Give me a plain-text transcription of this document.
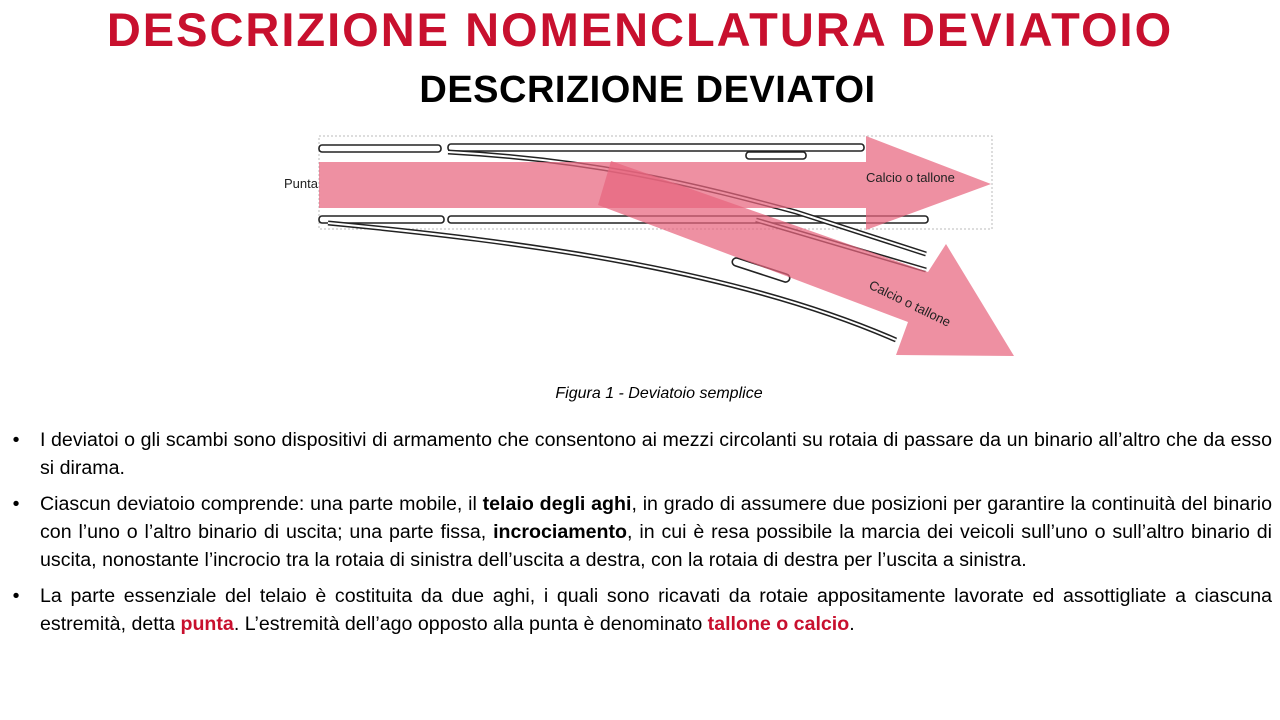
DESCRIZIONE NOMENCLATURA DEVIATOIO
DESCRIZIONE DEVIATOI
Punta	Calcio o tallone
Calcio o tallone
Figura 1 - Deviatoio semplice
• I deviatoi o gli scambi sono dispositivi di armamento che consentono ai mezzi circolanti su rotaia di passare da un binario all’altro che da esso si dirama.
• Ciascun deviatoio comprende: una parte mobile, il telaio degli aghi, in grado di assumere due posizioni per garantire la continuità del binario con l’uno o l’altro binario di uscita; una parte fissa, incrociamento, in cui è resa possibile la marcia dei veicoli sull’uno o sull’altro binario di uscita, nonostante l’incrocio tra la rotaia di sinistra dell’uscita a destra, con la rotaia di destra per l’uscita a sinistra.
• La parte essenziale del telaio è costituita da due aghi, i quali sono ricavati da rotaie appositamente lavorate ed assottigliate a ciascuna estremità, detta punta. L’estremità dell’ago opposto alla punta è denominato tallone o calcio.
